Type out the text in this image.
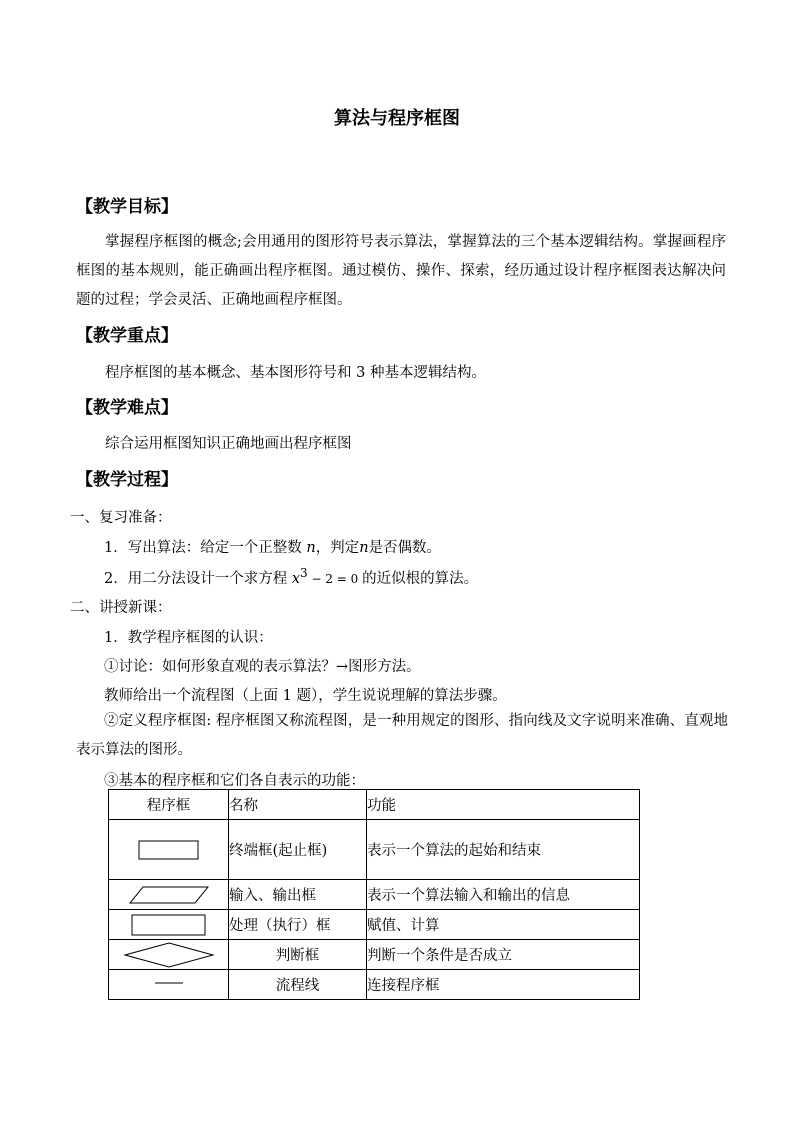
算法与程序框图
【教学目标】
掌握程序框图的概念;会用通用的图形符号表示算法，掌握算法的三个基本逻辑结构。掌握画程序框图的基本规则，能正确画出程序框图。通过模仿、操作、探索，经历通过设计程序框图表达解决问题的过程；学会灵活、正确地画程序框图。
【教学重点】
程序框图的基本概念、基本图形符号和 3 种基本逻辑结构。
【教学难点】
综合运用框图知识正确地画出程序框图
【教学过程】
一、复习准备：
1．写出算法：给定一个正整数 n，判定n是否偶数。
2．用二分法设计一个求方程 $x^3 - 2 = 0$ 的近似根的算法。
二、讲授新课：
1．教学程序框图的认识：
①讨论：如何形象直观的表示算法？→图形方法。
教师给出一个流程图（上面 1 题），学生说说理解的算法步骤。
②定义程序框图: 程序框图又称流程图，是一种用规定的图形、指向线及文字说明来准确、直观地表示算法的图形。
③基本的程序框和它们各自表示的功能：
程序框	名称	功能

	终端框(起止框)	表示一个算法的起始和结束

	输入、输出框	表示一个算法输入和输出的信息

	处理（执行）框	赋值、计算

	判断框	判断一个条件是否成立

	流程线	连接程序框
